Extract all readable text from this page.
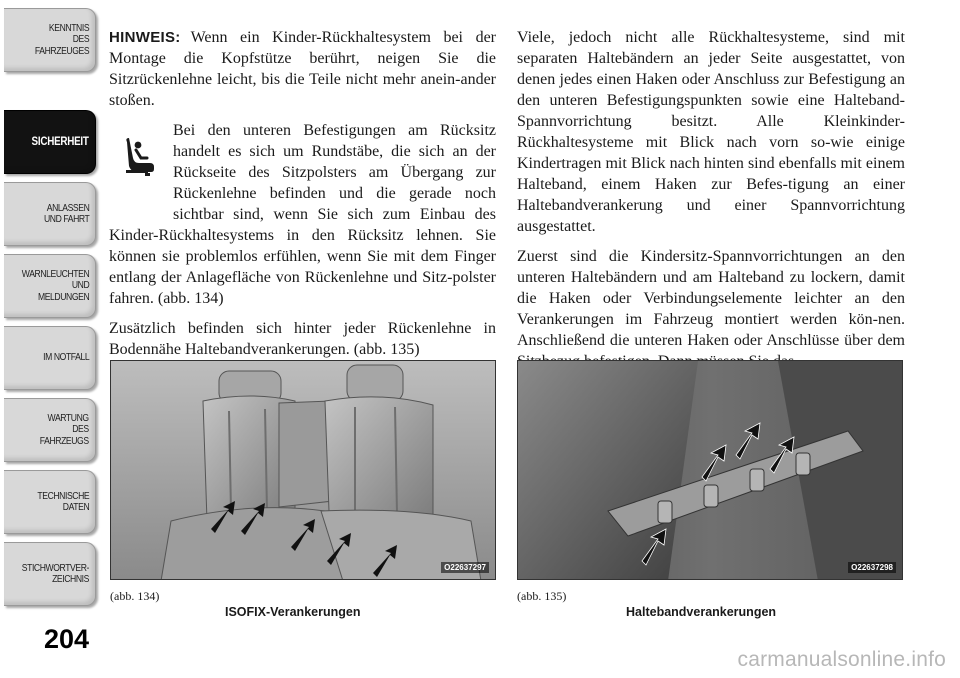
KENNTNIS
DES
FAHRZEUGES
SICHERHEIT
ANLASSEN
UND FAHRT
WARNLEUCHTEN
UND
MELDUNGEN
IM NOTFALL
WARTUNG
DES
FAHRZEUGS
TECHNISCHE
DATEN
STICHWORTVER-
ZEICHNIS
204

HINWEIS: Wenn ein Kinder-Rückhaltesystem bei der Montage die Kopfstütze berührt, neigen Sie die Sitzrückenlehne leicht, bis die Teile nicht mehr anein-ander stoßen.

Bei den unteren Befestigungen am Rücksitz handelt es sich um Rundstäbe, die sich an der Rückseite des Sitzpolsters am Übergang zur Rückenlehne befinden und die gerade noch sichtbar sind, wenn Sie sich zum Einbau des Kinder-Rückhaltesystems in den Rücksitz lehnen. Sie können sie problemlos erfühlen, wenn Sie mit dem Finger entlang der Anlagefläche von Rückenlehne und Sitz-polster fahren. (abb. 134)

Zusätzlich befinden sich hinter jeder Rückenlehne in Bodennähe Haltebandverankerungen. (abb. 135)

Viele, jedoch nicht alle Rückhaltesysteme, sind mit separaten Haltebändern an jeder Seite ausgestattet, von denen jedes einen Haken oder Anschluss zur Befestigung an den unteren Befestigungspunkten sowie eine Halteband-Spannvorrichtung besitzt. Alle Kleinkinder-Rückhaltesysteme mit Blick nach vorn so-wie einige Kindertragen mit Blick nach hinten sind ebenfalls mit einem Halteband, einem Haken zur Befes-tigung an einer Haltebandverankerung und einer Spannvorrichtung ausgestattet.

Zuerst sind die Kindersitz-Spannvorrichtungen an den unteren Haltebändern und am Halteband zu lockern, damit die Haken oder Verbindungselemente leichter an den Verankerungen im Fahrzeug montiert werden kön-nen. Anschließend die unteren Haken oder Anschlüsse über dem

O22637297	O22637298
(abb. 134)
ISOFIX-Verankerungen
(abb. 135)
Haltebandverankerungen
carmanualsonline.info
